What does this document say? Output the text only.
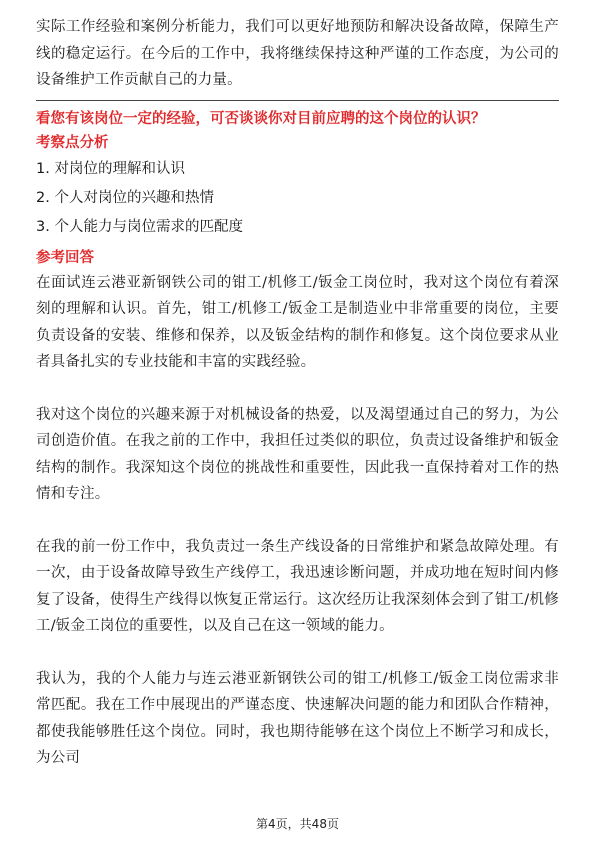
实际工作经验和案例分析能力，我们可以更好地预防和解决设备故障，保障生产线的稳定运行。在今后的工作中，我将继续保持这种严谨的工作态度，为公司的设备维护工作贡献自己的力量。

看您有该岗位一定的经验，可否谈谈你对目前应聘的这个岗位的认识？

考察点分析

1. 对岗位的理解和认识

2. 个人对岗位的兴趣和热情

3. 个人能力与岗位需求的匹配度

参考回答

在面试连云港亚新钢铁公司的钳工/机修工/钣金工岗位时，我对这个岗位有着深刻的理解和认识。首先，钳工/机修工/钣金工是制造业中非常重要的岗位，主要负责设备的安装、维修和保养，以及钣金结构的制作和修复。这个岗位要求从业者具备扎实的专业技能和丰富的实践经验。

我对这个岗位的兴趣来源于对机械设备的热爱，以及渴望通过自己的努力，为公司创造价值。在我之前的工作中，我担任过类似的职位，负责过设备维护和钣金结构的制作。我深知这个岗位的挑战性和重要性，因此我一直保持着对工作的热情和专注。

在我的前一份工作中，我负责过一条生产线设备的日常维护和紧急故障处理。有一次，由于设备故障导致生产线停工，我迅速诊断问题，并成功地在短时间内修复了设备，使得生产线得以恢复正常运行。这次经历让我深刻体会到了钳工/机修工/钣金工岗位的重要性，以及自己在这一领域的能力。

我认为，我的个人能力与连云港亚新钢铁公司的钳工/机修工/钣金工岗位需求非常匹配。我在工作中展现出的严谨态度、快速解决问题的能力和团队合作精神，都使我能够胜任这个岗位。同时，我也期待能够在这个岗位上不断学习和成长，为公司

第4页，共48页
